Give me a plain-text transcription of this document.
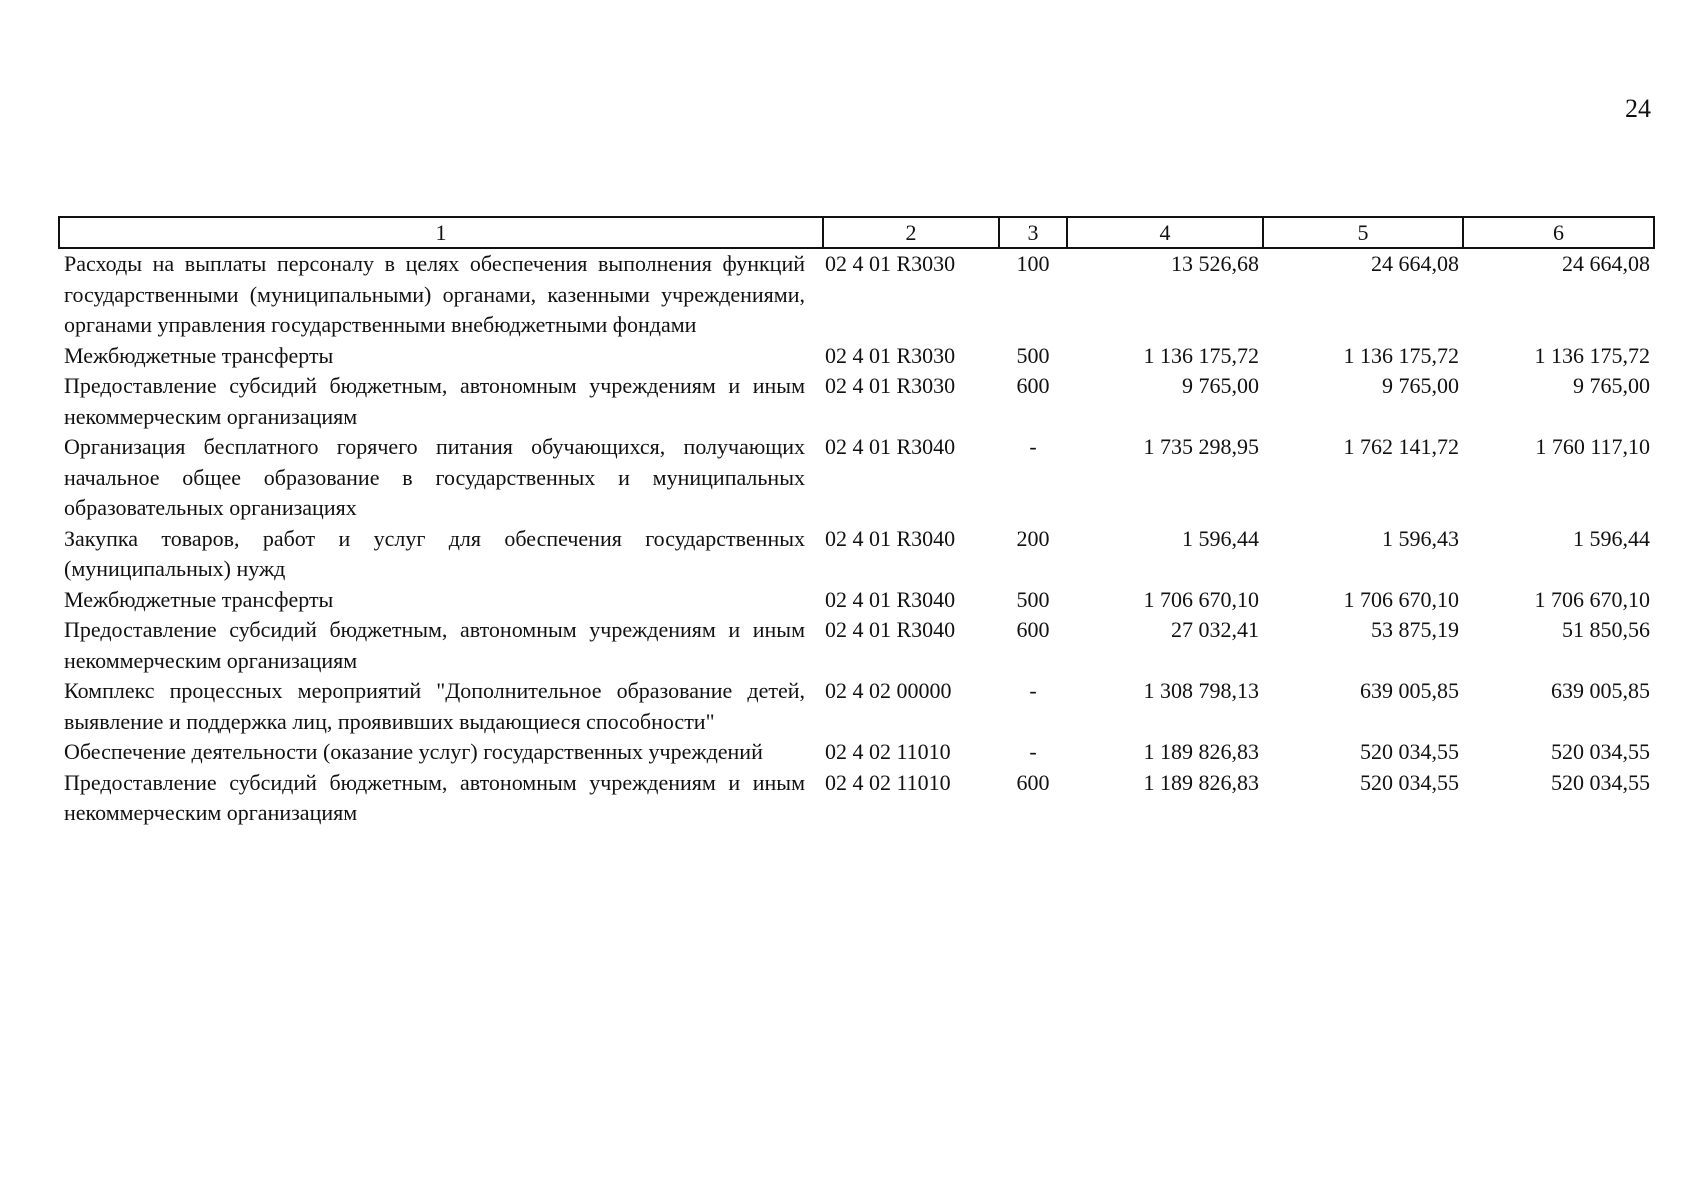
24
1	2	3	4	5	6
Расходы на выплаты персоналу в целях обеспечения выполнения функций государственными (муниципальными) органами, казенными учреждениями, органами управления государственными внебюджетными фондами	02 4 01 R3030	100	13 526,68	24 664,08	24 664,08
Межбюджетные трансферты	02 4 01 R3030	500	1 136 175,72	1 136 175,72	1 136 175,72
Предоставление субсидий бюджетным, автономным учреждениям и иным некоммерческим организациям	02 4 01 R3030	600	9 765,00	9 765,00	9 765,00
Организация бесплатного горячего питания обучающихся, получающих начальное общее образование в государственных и муниципальных образовательных организациях	02 4 01 R3040	-	1 735 298,95	1 762 141,72	1 760 117,10
Закупка товаров, работ и услуг для обеспечения государственных (муниципальных) нужд	02 4 01 R3040	200	1 596,44	1 596,43	1 596,44
Межбюджетные трансферты	02 4 01 R3040	500	1 706 670,10	1 706 670,10	1 706 670,10
Предоставление субсидий бюджетным, автономным учреждениям и иным некоммерческим организациям	02 4 01 R3040	600	27 032,41	53 875,19	51 850,56
Комплекс процессных мероприятий "Дополнительное образование детей, выявление и поддержка лиц, проявивших выдающиеся способности"	02 4 02 00000	-	1 308 798,13	639 005,85	639 005,85
Обеспечение деятельности (оказание услуг) государственных учреждений	02 4 02 11010	-	1 189 826,83	520 034,55	520 034,55
Предоставление субсидий бюджетным, автономным учреждениям и иным некоммерческим организациям	02 4 02 11010	600	1 189 826,83	520 034,55	520 034,55
